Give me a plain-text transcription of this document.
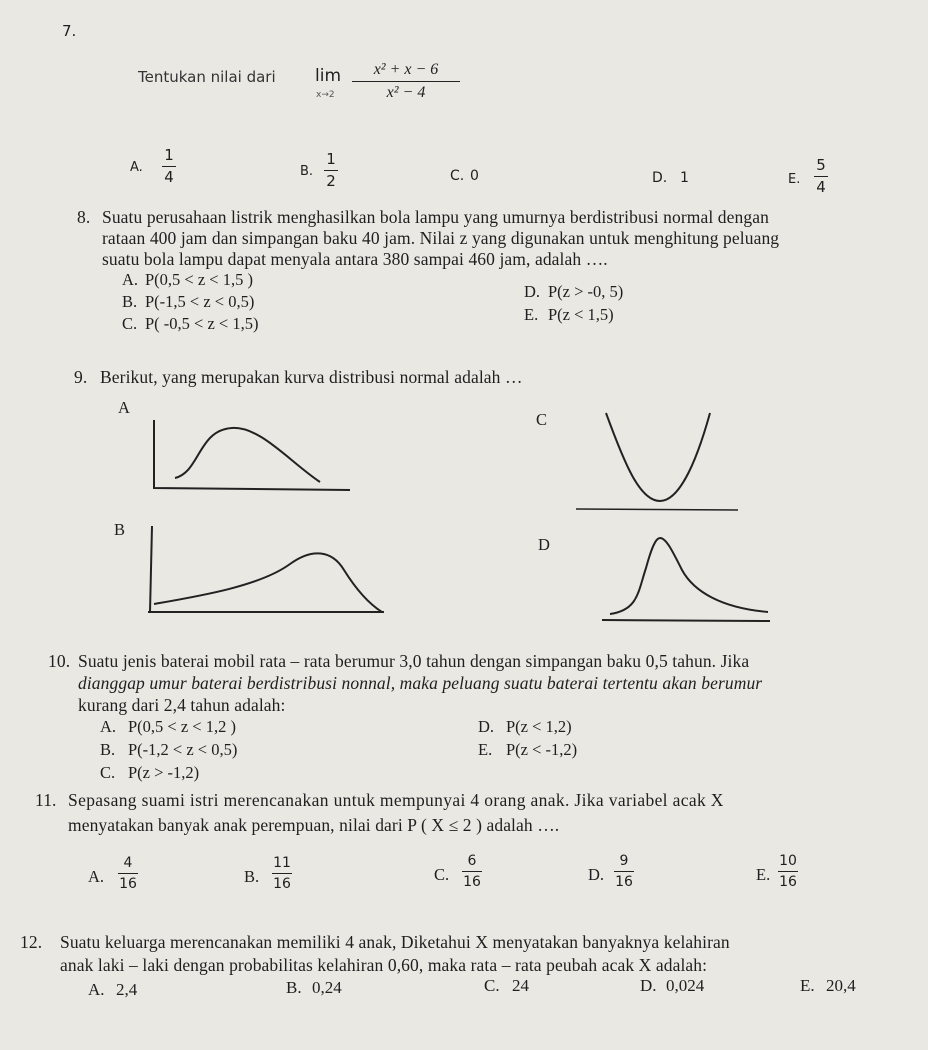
7.
Tentukan nilai dari lim
x→2
x² + x − 6
x² − 4
A.
1
4	B.
1
2	C. 0	D. 1	E.
5
4
8. Suatu perusahaan listrik menghasilkan bola lampu yang umurnya berdistribusi normal dengan
rataan 400 jam dan simpangan baku 40 jam. Nilai z yang digunakan untuk menghitung peluang
suatu bola lampu dapat menyala antara 380 sampai 460 jam, adalah ….
A. P(0,5 < z < 1,5 )
B. P(-1,5 < z < 0,5)
C. P( -0,5 < z < 1,5)
D. P(z > -0, 5)
E. P(z < 1,5)
9. Berikut, yang merupakan kurva distribusi normal adalah …
A
C
B
D
10. Suatu jenis baterai mobil rata – rata berumur 3,0 tahun dengan simpangan baku 0,5 tahun. Jika
dianggap umur baterai berdistribusi nonnal, maka peluang suatu baterai tertentu akan berumur
kurang dari 2,4 tahun adalah:
A. P(0,5 < z < 1,2 )
B. P(-1,2 < z < 0,5)
C. P(z > -1,2)
D. P(z < 1,2)
E. P(z < -1,2)
11. Sepasang suami istri merencanakan untuk mempunyai 4 orang anak. Jika variabel acak X
menyatakan banyak anak perempuan, nilai dari P ( X ≤ 2 ) adalah ….
A.
4
16	B.
11
16	C.
6
16	D.
9
16	E.
10
16
12. Suatu keluarga merencanakan memiliki 4 anak, Diketahui X menyatakan banyaknya kelahiran
anak laki – laki dengan probabilitas kelahiran 0,60, maka rata – rata peubah acak X adalah:
A. 2,4	B. 0,24	C. 24	D. 0,024	E. 20,4
